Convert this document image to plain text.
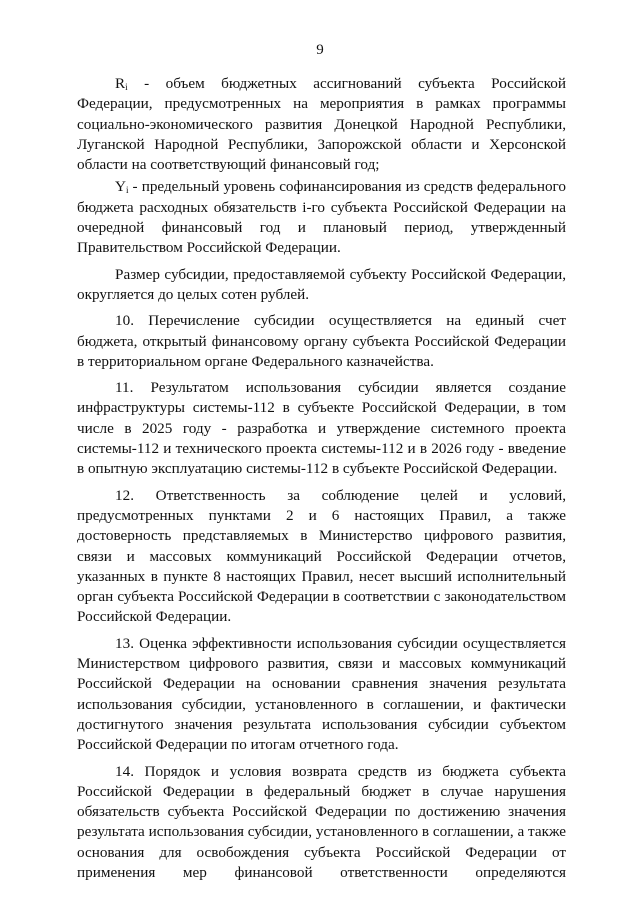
9

$R_i$ - объем бюджетных ассигнований субъекта Российской Федерации, предусмотренных на мероприятия в рамках программы социально-экономического развития Донецкой Народной Республики, Луганской Народной Республики, Запорожской области и Херсонской области на соответствующий финансовый год;

$Y_i$ - предельный уровень софинансирования из средств федерального бюджета расходных обязательств i-го субъекта Российской Федерации на очередной финансовый год и плановый период, утвержденный Правительством Российской Федерации.

Размер субсидии, предоставляемой субъекту Российской Федерации, округляется до целых сотен рублей.

10. Перечисление субсидии осуществляется на единый счет бюджета, открытый финансовому органу субъекта Российской Федерации в территориальном органе Федерального казначейства.

11. Результатом использования субсидии является создание инфраструктуры системы-112 в субъекте Российской Федерации, в том числе в 2025 году - разработка и утверждение системного проекта системы-112 и технического проекта системы-112 и в 2026 году - введение в опытную эксплуатацию системы-112 в субъекте Российской Федерации.

12. Ответственность за соблюдение целей и условий, предусмотренных пунктами 2 и 6 настоящих Правил, а также достоверность представляемых в Министерство цифрового развития, связи и массовых коммуникаций Российской Федерации отчетов, указанных в пункте 8 настоящих Правил, несет высший исполнительный орган субъекта Российской Федерации в соответствии с законодательством Российской Федерации.

13. Оценка эффективности использования субсидии осуществляется Министерством цифрового развития, связи и массовых коммуникаций Российской Федерации на основании сравнения значения результата использования субсидии, установленного в соглашении, и фактически достигнутого значения результата использования субсидии субъектом Российской Федерации по итогам отчетного года.

14. Порядок и условия возврата средств из бюджета субъекта Российской Федерации в федеральный бюджет в случае нарушения обязательств субъекта Российской Федерации по достижению значения результата использования субсидии, установленного в соглашении, а также основания для освобождения субъекта Российской Федерации от применения мер финансовой ответственности определяются
